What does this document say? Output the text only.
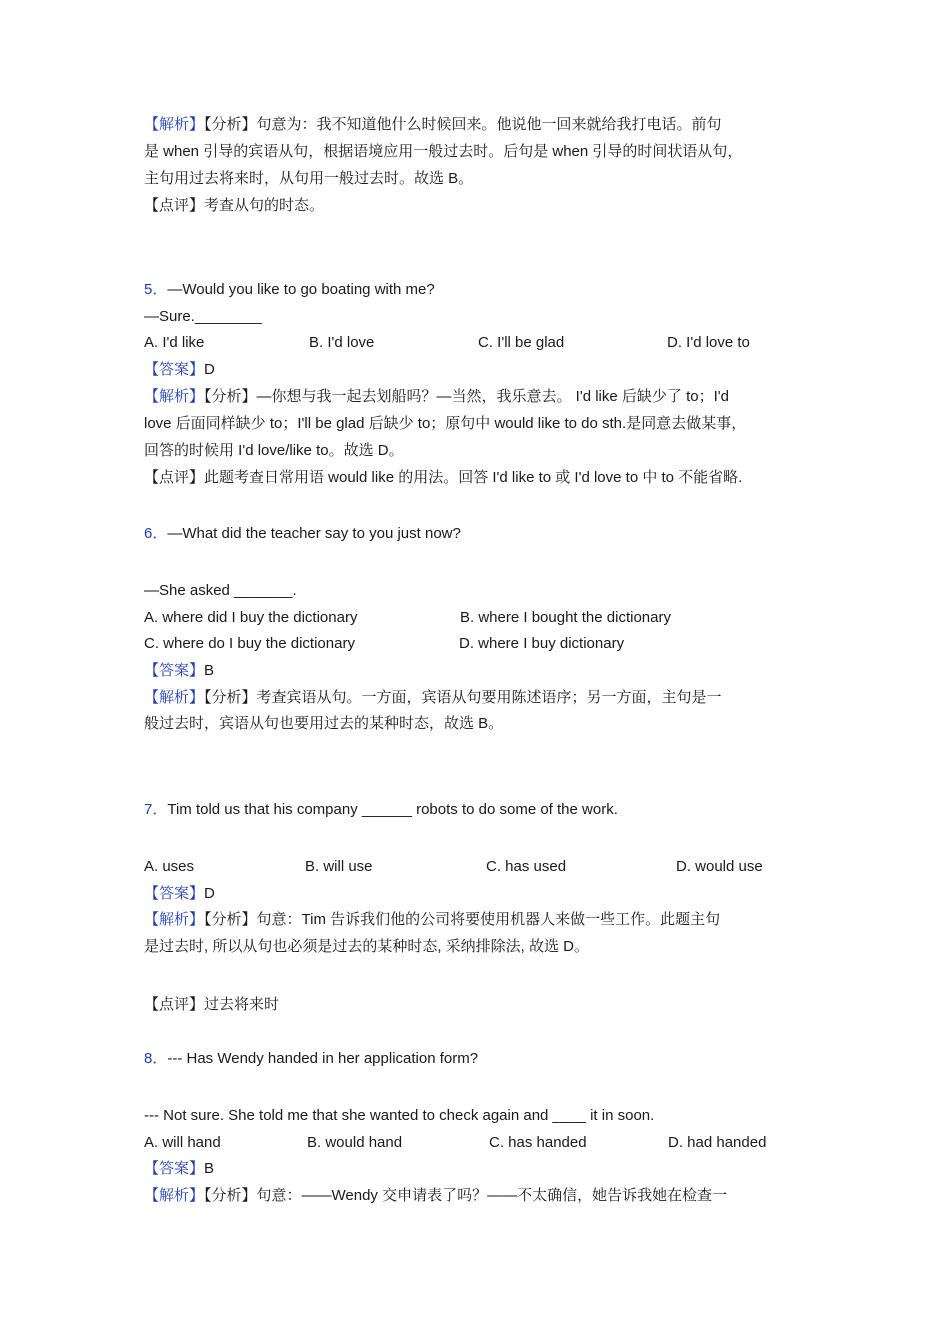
【解析】【分析】句意为：我不知道他什么时候回来。他说他一回来就给我打电话。前句
是 when 引导的宾语从句，根据语境应用一般过去时。后句是 when 引导的时间状语从句，
主句用过去将来时，从句用一般过去时。故选 B。
【点评】考查从句的时态。
5．—Would you like to go boating with me?
—Sure.________
A. I'd like	B. I'd love	C. I'll be glad	D. I'd love to
【答案】D
【解析】【分析】—你想与我一起去划船吗？—当然，我乐意去。 I'd like 后缺少了 to；I'd
love 后面同样缺少 to；I'll be glad 后缺少 to；原句中 would like to do sth.是同意去做某事，
回答的时候用 I'd love/like to。故选 D。
【点评】此题考查日常用语 would like 的用法。回答 I'd like to 或 I'd love to 中 to 不能省略.
6．—What did the teacher say to you just now?
—She asked _______.
A. where did I buy the dictionary	B. where I bought the dictionary
C. where do I buy the dictionary	D. where I buy dictionary
【答案】B
【解析】【分析】考查宾语从句。一方面，宾语从句要用陈述语序；另一方面，主句是一
般过去时，宾语从句也要用过去的某种时态，故选 B。
7．Tim told us that his company ______ robots to do some of the work.
A. uses	B. will use	C. has used	D. would use
【答案】D
【解析】【分析】句意：Tim 告诉我们他的公司将要使用机器人来做一些工作。此题主句
是过去时, 所以从句也必须是过去的某种时态, 采纳排除法, 故选 D。
【点评】过去将来时
8．--- Has Wendy handed in her application form?
--- Not sure. She told me that she wanted to check again and ____ it in soon.
A. will hand	B. would hand	C. has handed	D. had handed
【答案】B
【解析】【分析】句意：——Wendy 交申请表了吗？——不太确信，她告诉我她在检查一
